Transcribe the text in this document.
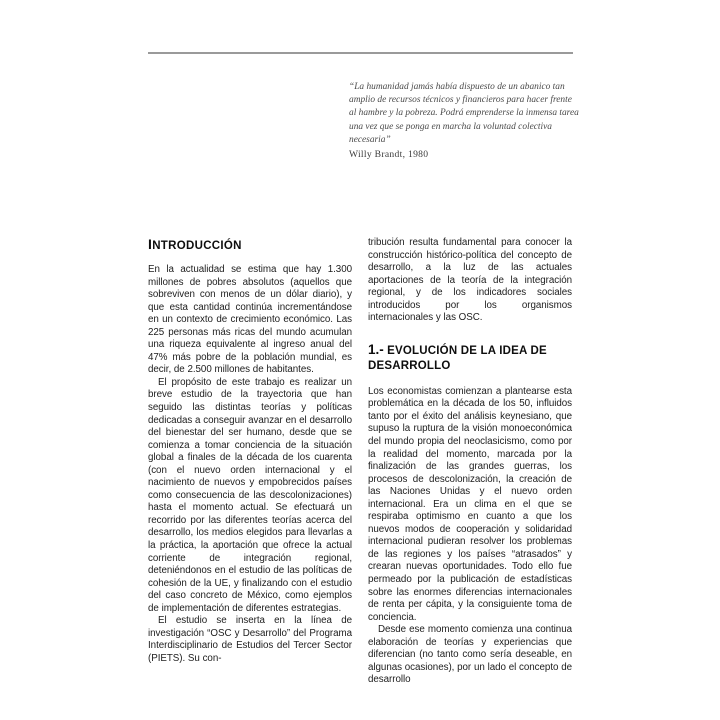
“La humanidad jamás había dispuesto de un abanico tan amplio de recursos técnicos y financieros para hacer frente al hambre y la pobreza. Podrá emprenderse la inmensa tarea una vez que se ponga en marcha la voluntad colectiva necesaria”
Willy Brandt, 1980
INTRODUCCIÓN

En la actualidad se estima que hay 1.300 millones de pobres absolutos (aquellos que sobreviven con menos de un dólar diario), y que esta cantidad continúa incrementándose en un contexto de crecimiento económico. Las 225 personas más ricas del mundo acumulan una riqueza equivalente al ingreso anual del 47% más pobre de la población mundial, es decir, de 2.500 millones de habitantes.

El propósito de este trabajo es realizar un breve estudio de la trayectoria que han seguido las distintas teorías y políticas dedicadas a conseguir avanzar en el desarrollo del bienestar del ser humano, desde que se comienza a tomar conciencia de la situación global a finales de la década de los cuarenta (con el nuevo orden internacional y el nacimiento de nuevos y empobrecidos países como consecuencia de las descolonizaciones) hasta el momento actual. Se efectuará un recorrido por las diferentes teorías acerca del desarrollo, los medios elegidos para llevarlas a la práctica, la aportación que ofrece la actual corriente de integración regional, deteniéndonos en el estudio de las políticas de cohesión de la UE, y finalizando con el estudio del caso concreto de México, como ejemplos de implementación de diferentes estrategias.

El estudio se inserta en la línea de investigación “OSC y Desarrollo” del Programa Interdisciplinario de Estudios del Tercer Sector (PIETS). Su con-

tribución resulta fundamental para conocer la construcción histórico-política del concepto de desarrollo, a la luz de las actuales aportaciones de la teoría de la integración regional, y de los indicadores sociales introducidos por los organismos internacionales y las OSC.

1.- EVOLUCIÓN DE LA IDEA DE DESARROLLO

Los economistas comienzan a plantearse esta problemática en la década de los 50, influidos tanto por el éxito del análisis keynesiano, que supuso la ruptura de la visión monoeconómica del mundo propia del neoclasicismo, como por la realidad del momento, marcada por la finalización de las grandes guerras, los procesos de descolonización, la creación de las Naciones Unidas y el nuevo orden internacional. Era un clima en el que se respiraba optimismo en cuanto a que los nuevos modos de cooperación y solidaridad internacional pudieran resolver los problemas de las regiones y los países “atrasados” y crearan nuevas oportunidades. Todo ello fue permeado por la publicación de estadísticas sobre las enormes diferencias internacionales de renta per cápita, y la consiguiente toma de conciencia.

Desde ese momento comienza una continua elaboración de teorías y experiencias que diferencian (no tanto como sería deseable, en algunas ocasiones), por un lado el concepto de desarrollo
